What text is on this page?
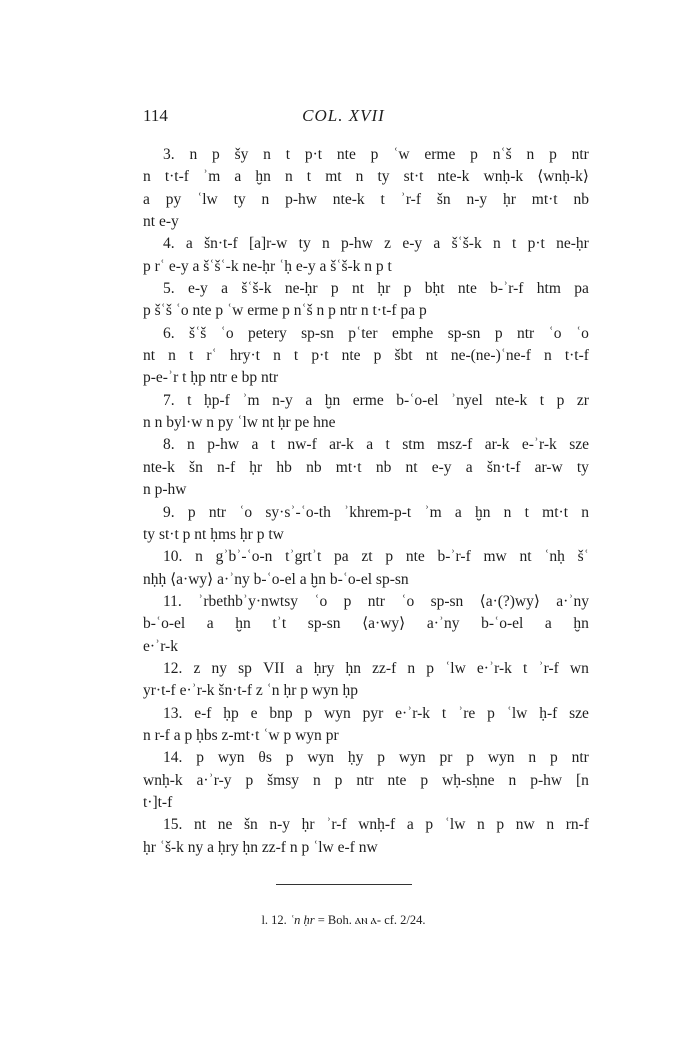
114	COL. XVII
3. n p šy n t p·t nte p ʿw erme p nʿš n p ntr
n t·t-f ʾm a ḫn n t mt n ty st·t nte-k wnḥ-k ⟨wnḥ-k⟩
a py ʿlw ty n p-hw nte-k t ʾr-f šn n-y ḥr mt·t nb
nt e-y
4. a šn·t-f [a]r-w ty n p-hw z e-y a šʿš-k n t p·t ne-ḥr
p rʿ e-y a šʿšʿ-k ne-ḥr ʿḥ e-y a šʿš-k n p t
5. e-y a šʿš-k ne-ḥr p nt ḥr p bḥt nte b-ʾr-f htm pa
p šʿš ʿo nte p ʿw erme p nʿš n p ntr n t·t-f pa p
6. šʿš ʿo petery sp-sn pʿter emphe sp-sn p ntr ʿo ʿo
nt n t rʿ hry·t n t p·t nte p šbt nt ne-(ne-)ʿne-f n t·t-f
p-e-ʾr t ḥp ntr e bp ntr
7. t ḥp-f ʾm n-y a ḫn erme b-ʿo-el ʾnyel nte-k t p zr
n n byl·w n py ʿlw nt ḥr pe hne
8. n p-hw a t nw-f ar-k a t stm msz-f ar-k e-ʾr-k sze
nte-k šn n-f ḥr hb nb mt·t nb nt e-y a šn·t-f ar-w ty
n p-hw
9. p ntr ʿo sy·sʾ-ʿo-th ʾkhrem-p-t ʾm a ḫn n t mt·t n
ty st·t p nt ḥms ḥr p tw
10. n gʾbʾ-ʿo-n tʾgrtʾt pa zt p nte b-ʾr-f mw nt ʿnḥ šʿ
nḥḥ ⟨a·wy⟩ a·ʾny b-ʿo-el a ḫn b-ʿo-el sp-sn
11. ʾrbethbʾy·nwtsy ʿo p ntr ʿo sp-sn ⟨a·(?)wy⟩ a·ʾny
b-ʿo-el a ḫn tʾt sp-sn ⟨a·wy⟩ a·ʾny b-ʿo-el a ḫn
e·ʾr-k
12. z ny sp VII a ḥry ḥn zz-f n p ʿlw e·ʾr-k t ʾr-f wn
yr·t-f e·ʾr-k šn·t-f z ʿn ḥr p wyn ḥp
13. e-f ḥp e bnp p wyn pyr e·ʾr-k t ʾre p ʿlw ḥ-f sze
n r-f a p ḥbs z-mt·t ʿw p wyn pr
14. p wyn θs p wyn ḥy p wyn pr p wyn n p ntr
wnḥ-k a·ʾr-y p šmsy n p ntr nte p wḥ-sḥne n p-hw [n
t·]t-f
15. nt ne šn n-y ḥr ʾr-f wnḥ-f a p ʿlw n p nw n rn-f
ḥr ʿš-k ny a ḥry ḥn zz-f n p ʿlw e-f nw
l. 12. ʿn ḥr = Boh. ⲁⲛ ⲁ- cf. 2/24.
